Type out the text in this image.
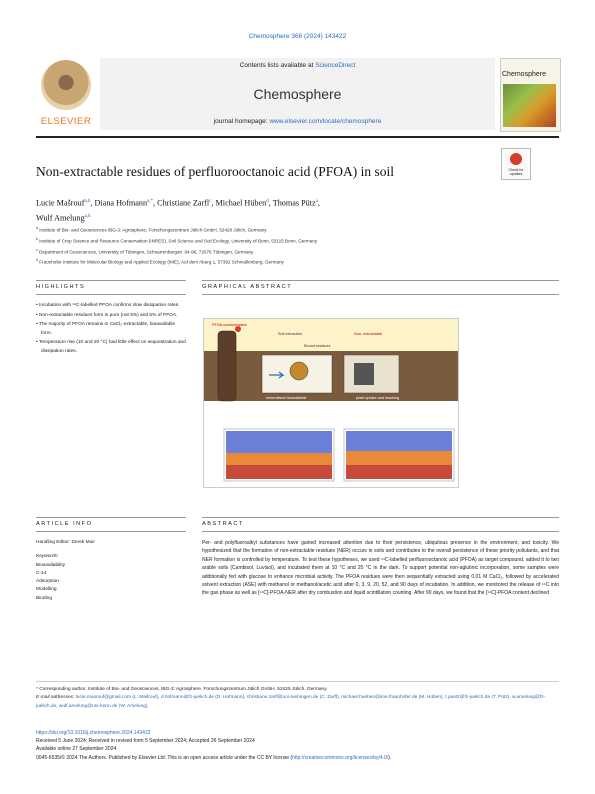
Chemosphere 366 (2024) 143422
ELSEVIER
Contents lists available at ScienceDirect
Chemosphere
journal homepage: www.elsevier.com/locate/chemosphere
Chemosphere
Non-extractable residues of perfluorooctanoic acid (PFOA) in soil	Check for updates
Lucie Mašrouf$^{a,b}$, Diana Hofmann$^{a,*}$, Christiane Zarfl$^c$, Michael Hüben$^d$, Thomas Pütz$^a$,
Wulf Amelung$^{a,b}$
$^a$ Institute of Bio- and Geosciences IBG-3: Agrosphere, Forschungszentrum Jülich GmbH, 52428 Jülich, Germany
$^b$ Institute of Crop Science and Resource Conservation (INRES), Soil Science and Soil Ecology, University of Bonn, 53115 Bonn, Germany
$^c$ Department of Geosciences, University of Tübingen, Schnarrenbergstr. 94-96, 72076 Tübingen, Germany
$^d$ Fraunhofer Institute for Molecular Biology and Applied Ecology (IME), Auf dem Aberg 1, 57392 Schmallenberg, Germany
HIGHLIGHTS
• Incubation with ¹⁴C-labelled PFOA confirms slow dissipation rates.
• Non-extractable residues form in pure (not 5%) and 5% of PFOA.
• The majority of PFOA remains in CaCl₂-extractable, bioavailable form.
• Temperature rise (10 and 20 °C) had little effect on sequestration and dissipation rates.
GRAPHICAL ABSTRACT
PFOA contamination
Soil extraction	Non- extractable
Bound residues
mineralised bioavailable	plant uptake and leaching
ARTICLE INFO
Handling Editor: Derek Muir
Keywords:
Bioavailability
C-14
Adsorption
Modelling
Binding
ABSTRACT
Per- and polyfluoroalkyl substances have gained increased attention due to their persistence, ubiquitous presence in the environment, and toxicity. We hypothesized that the formation of non-extractable residues (NER) occurs in soils and contributes to the overall persistence of these priority pollutants, and that NER formation is controlled by temperature. To test these hypotheses, we used ¹⁴C-labelled perfluorooctanoic acid (PFOA) as target compound, added it to two arable soils (Cambisol, Luvisol), and incubated them at 10 °C and 20 °C in the dark. To support potential non-aglutinic incorporation, some samples were additionally fed with glucose to enhance microbial activity. The PFOA residues were then sequentially extracted using 0.01 M CaCl₂, followed by accelerated solvent extraction (ASE) with methanol or methanol/acetic acid after 0, 3, 9, 20, 52, and 90 days of incubation. In addition, we monitored the release of ¹⁴C into the gas phase as well as [¹⁴C]-PFOA-NER after dry combustion and liquid scintillation counting. After 90 days, we found that the [¹⁴C]-PFOA content declined
* Corresponding author. Institute of Bio- and Geosciences, IBG-3: Agrosphere, Forschungszentrum Jülich GmbH, 52425 Jülich, Germany.
E-mail addresses: lucie.masrouf@gmail.com (L. Mašrouf), d.hofmann@fz-juelich.de (D. Hofmann), christiane.zarfl@uni-tuebingen.de (C. Zarfl), michael.hueben@ime.fraunhofer.de (M. Hüben), t.puetz@fz-juelich.de (T. Pütz), w.amelung@fz-juelich.de, wulf.amelung@uni-bonn.de (W. Amelung).
https://doi.org/10.1016/j.chemosphere.2024.143422
Received 5 June 2024; Received in revised form 5 September 2024; Accepted 26 September 2024
Available online 27 September 2024
0045-6535/© 2024 The Authors. Published by Elsevier Ltd. This is an open access article under the CC BY license (http://creativecommons.org/licenses/by/4.0/).
